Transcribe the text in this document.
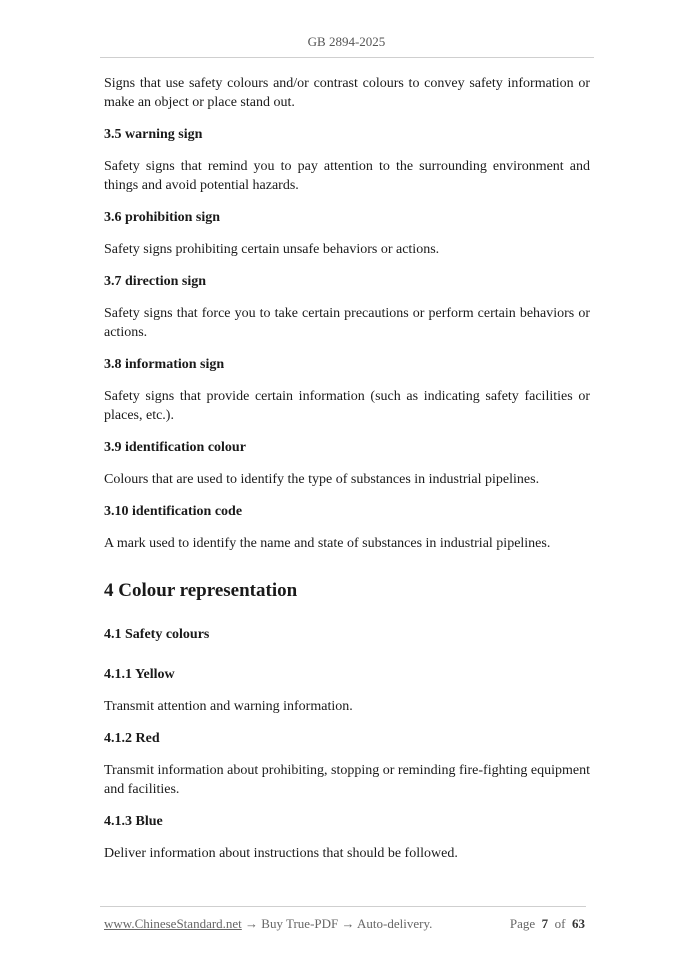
GB 2894-2025

Signs that use safety colours and/or contrast colours to convey safety information or make an object or place stand out.

3.5 warning sign

Safety signs that remind you to pay attention to the surrounding environment and things and avoid potential hazards.

3.6 prohibition sign

Safety signs prohibiting certain unsafe behaviors or actions.

3.7 direction sign

Safety signs that force you to take certain precautions or perform certain behaviors or actions.

3.8 information sign

Safety signs that provide certain information (such as indicating safety facilities or places, etc.).

3.9 identification colour

Colours that are used to identify the type of substances in industrial pipelines.

3.10 identification code

A mark used to identify the name and state of substances in industrial pipelines.

4 Colour representation

4.1 Safety colours

4.1.1 Yellow

Transmit attention and warning information.

4.1.2 Red

Transmit information about prohibiting, stopping or reminding fire-fighting equipment and facilities.

4.1.3 Blue

Deliver information about instructions that should be followed.

www.ChineseStandard.net → Buy True-PDF → Auto-delivery.	Page 7 of 63
